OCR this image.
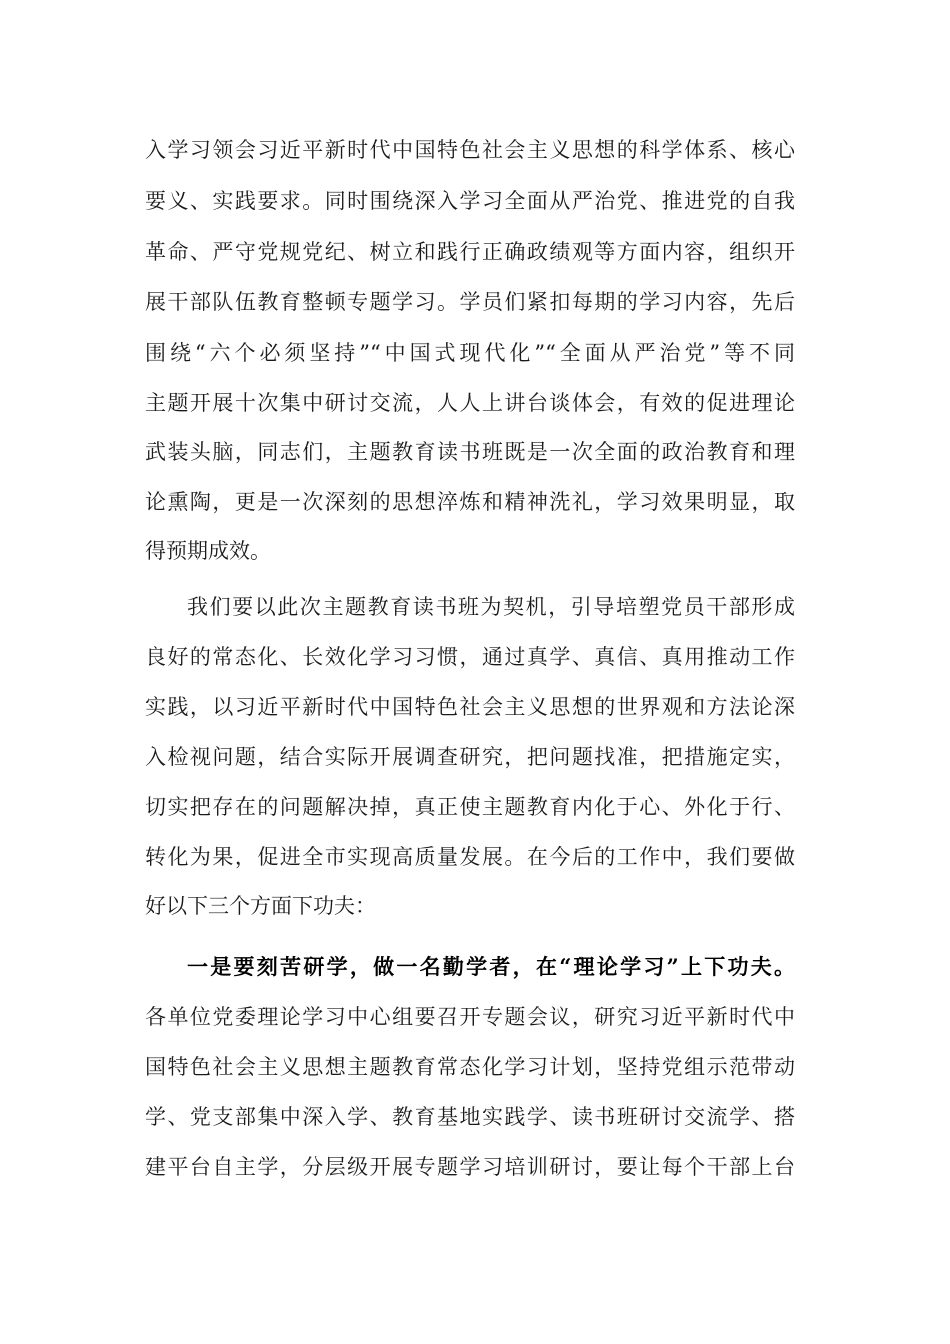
入学习领会习近平新时代中国特色社会主义思想的科学体系、核心
要义、实践要求。同时围绕深入学习全面从严治党、推进党的自我
革命、严守党规党纪、树立和践行正确政绩观等方面内容，组织开
展干部队伍教育整顿专题学习。学员们紧扣每期的学习内容，先后
围绕“六个必须坚持”“中国式现代化”“全面从严治党”等不同
主题开展十次集中研讨交流，人人上讲台谈体会，有效的促进理论
武装头脑，同志们，主题教育读书班既是一次全面的政治教育和理
论熏陶，更是一次深刻的思想淬炼和精神洗礼，学习效果明显，取
得预期成效。
我们要以此次主题教育读书班为契机，引导培塑党员干部形成
良好的常态化、长效化学习习惯，通过真学、真信、真用推动工作
实践，以习近平新时代中国特色社会主义思想的世界观和方法论深
入检视问题，结合实际开展调查研究，把问题找准，把措施定实，
切实把存在的问题解决掉，真正使主题教育内化于心、外化于行、
转化为果，促进全市实现高质量发展。在今后的工作中，我们要做
好以下三个方面下功夫：
一是要刻苦研学，做一名勤学者，在“理论学习”上下功夫。
各单位党委理论学习中心组要召开专题会议，研究习近平新时代中
国特色社会主义思想主题教育常态化学习计划，坚持党组示范带动
学、党支部集中深入学、教育基地实践学、读书班研讨交流学、搭
建平台自主学，分层级开展专题学习培训研讨，要让每个干部上台
